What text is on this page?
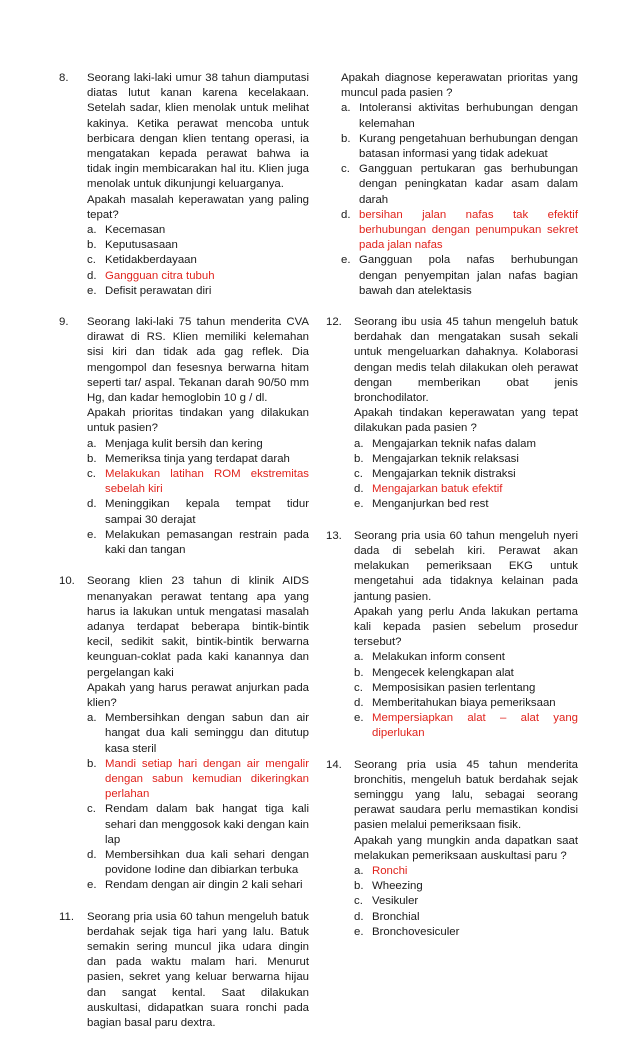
8. Seorang laki-laki umur 38 tahun diamputasi diatas lutut kanan karena kecelakaan. Setelah sadar, klien menolak untuk melihat kakinya. Ketika perawat mencoba untuk berbicara dengan klien tentang operasi, ia mengatakan kepada perawat bahwa ia tidak ingin membicarakan hal itu. Klien juga menolak untuk dikunjungi keluarganya.
Apakah masalah keperawatan yang paling tepat?
a. Kecemasan
b. Keputusasaan
c. Ketidakberdayaan
d. Gangguan citra tubuh
e. Defisit perawatan diri
9. Seorang laki-laki 75 tahun menderita CVA dirawat di RS. Klien memiliki kelemahan sisi kiri dan tidak ada gag reflek. Dia mengompol dan fesesnya berwarna hitam seperti tar/ aspal. Tekanan darah 90/50 mm Hg, dan kadar hemoglobin 10 g / dl.
Apakah prioritas tindakan yang dilakukan untuk pasien?
a. Menjaga kulit bersih dan kering
b. Memeriksa tinja yang terdapat darah
c. Melakukan latihan ROM ekstremitas sebelah kiri
d. Meninggikan kepala tempat tidur sampai 30 derajat
e. Melakukan pemasangan restrain pada kaki dan tangan
10. Seorang klien 23 tahun di klinik AIDS menanyakan perawat tentang apa yang harus ia lakukan untuk mengatasi masalah adanya terdapat beberapa bintik-bintik kecil, sedikit sakit, bintik-bintik berwarna keunguan-coklat pada kaki kanannya dan pergelangan kaki
Apakah yang harus perawat anjurkan pada klien?
a. Membersihkan dengan sabun dan air hangat dua kali seminggu dan ditutup kasa steril
b. Mandi setiap hari dengan air mengalir dengan sabun kemudian dikeringkan perlahan
c. Rendam dalam bak hangat tiga kali sehari dan menggosok kaki dengan kain lap
d. Membersihkan dua kali sehari dengan povidone Iodine dan dibiarkan terbuka
e. Rendam dengan air dingin 2 kali sehari
11. Seorang pria usia 60 tahun mengeluh batuk berdahak sejak tiga hari yang lalu. Batuk semakin sering muncul jika udara dingin dan pada waktu malam hari. Menurut pasien, sekret yang keluar berwarna hijau dan sangat kental. Saat dilakukan auskultasi, didapatkan suara ronchi pada bagian basal paru dextra.
Apakah diagnose keperawatan prioritas yang muncul pada pasien ?
a. Intoleransi aktivitas berhubungan dengan kelemahan
b. Kurang pengetahuan berhubungan dengan batasan informasi yang tidak adekuat
c. Gangguan pertukaran gas berhubungan dengan peningkatan kadar asam dalam darah
d. bersihan jalan nafas tak efektif berhubungan dengan penumpukan sekret pada jalan nafas
e. Gangguan pola nafas berhubungan dengan penyempitan jalan nafas bagian bawah dan atelektasis
12. Seorang ibu usia 45 tahun mengeluh batuk berdahak dan mengatakan susah sekali untuk mengeluarkan dahaknya. Kolaborasi dengan medis telah dilakukan oleh perawat dengan memberikan obat jenis bronchodilator.
Apakah tindakan keperawatan yang tepat dilakukan pada pasien ?
a. Mengajarkan teknik nafas dalam
b. Mengajarkan teknik relaksasi
c. Mengajarkan teknik distraksi
d. Mengajarkan batuk efektif
e. Menganjurkan bed rest
13. Seorang pria usia 60 tahun mengeluh nyeri dada di sebelah kiri. Perawat akan melakukan pemeriksaan EKG untuk mengetahui ada tidaknya kelainan pada jantung pasien.
Apakah yang perlu Anda lakukan pertama kali kepada pasien sebelum prosedur tersebut?
a. Melakukan inform consent
b. Mengecek kelengkapan alat
c. Memposisikan pasien terlentang
d. Memberitahukan biaya pemeriksaan
e. Mempersiapkan alat – alat yang diperlukan
14. Seorang pria usia 45 tahun menderita bronchitis, mengeluh batuk berdahak sejak seminggu yang lalu, sebagai seorang perawat saudara perlu memastikan kondisi pasien melalui pemeriksaan fisik.
Apakah yang mungkin anda dapatkan saat melakukan pemeriksaan auskultasi paru ?
a. Ronchi
b. Wheezing
c. Vesikuler
d. Bronchial
e. Bronchovesiculer
